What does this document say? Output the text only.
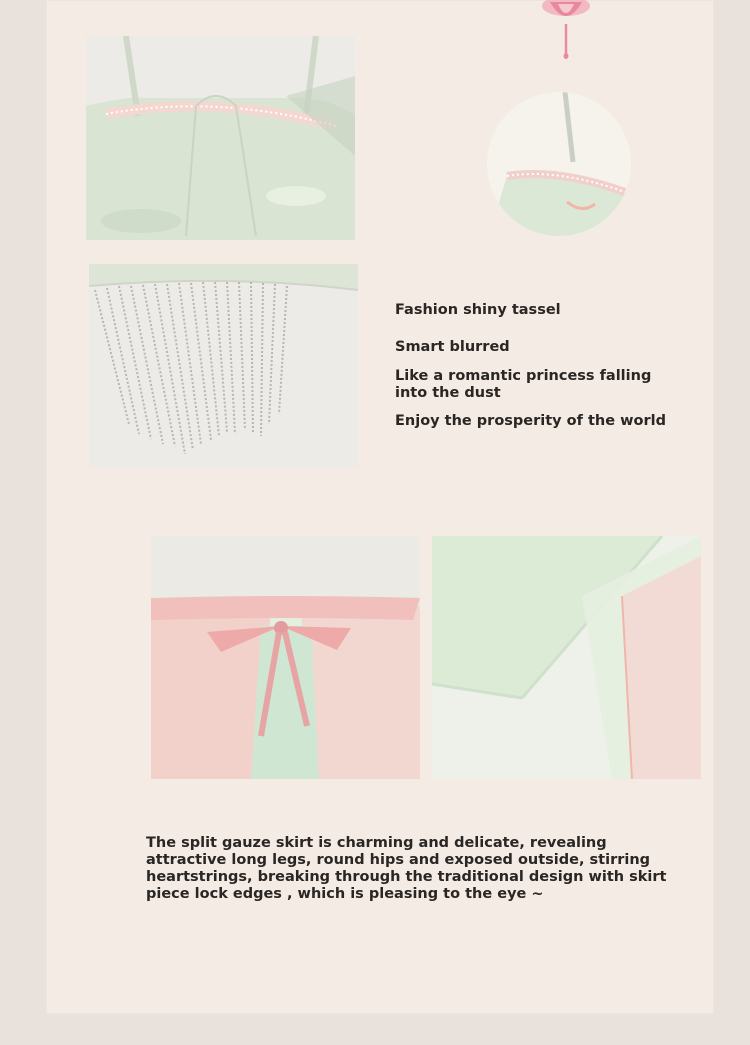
Fashion shiny tassel
Smart blurred
Like a romantic princess falling into the dust
Enjoy the prosperity of the world

The split gauze skirt is charming and delicate, revealing attractive long legs, round hips and exposed outside, stirring heartstrings, breaking through the traditional design with skirt piece lock edges , which is pleasing to the eye ~
